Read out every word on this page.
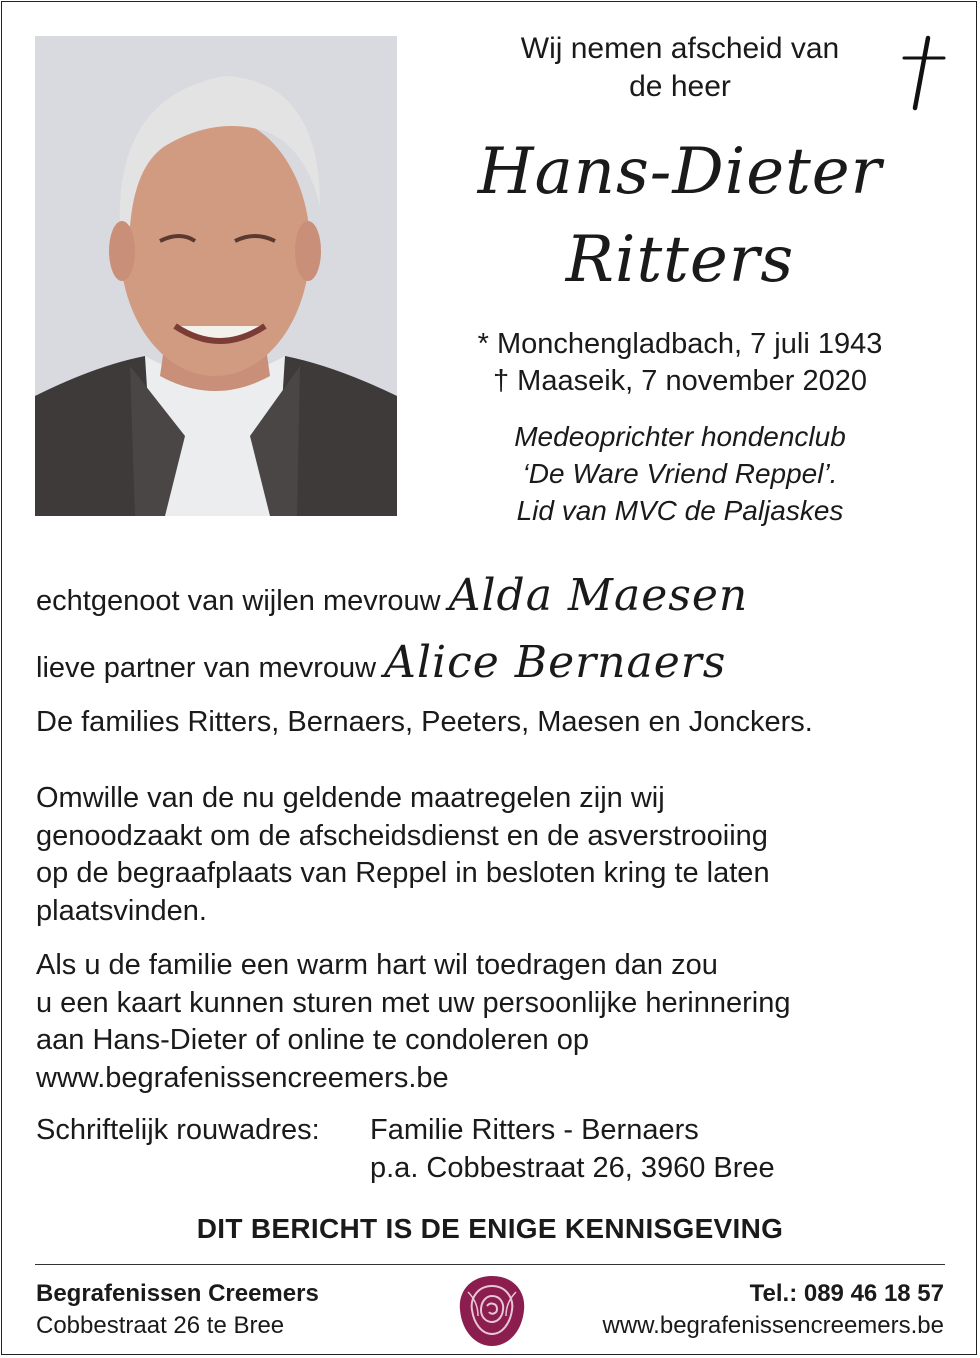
Wij nemen afscheid van
de heer
Hans-Dieter
Ritters
* Monchengladbach, 7 juli 1943
† Maaseik, 7 november 2020
Medeoprichter hondenclub
‘De Ware Vriend Reppel’.
Lid van MVC de Paljaskes
echtgenoot van wijlen mevrouw Alda Maesen
lieve partner van mevrouw Alice Bernaers
De families Ritters, Bernaers, Peeters, Maesen en Jonckers.
Omwille van de nu geldende maatregelen zijn wij
genoodzaakt om de afscheidsdienst en de asverstrooiing
op de begraafplaats van Reppel in besloten kring te laten
plaatsvinden.
Als u de familie een warm hart wil toedragen dan zou
u een kaart kunnen sturen met uw persoonlijke herinnering
aan Hans-Dieter of online te condoleren op
www.begrafenissencreemers.be
Schriftelijk rouwadres: Familie Ritters - Bernaers
p.a. Cobbestraat 26, 3960 Bree
DIT BERICHT IS DE ENIGE KENNISGEVING
Begrafenissen Creemers
Cobbestraat 26 te Bree
Tel.: 089 46 18 57
www.begrafenissencreemers.be
